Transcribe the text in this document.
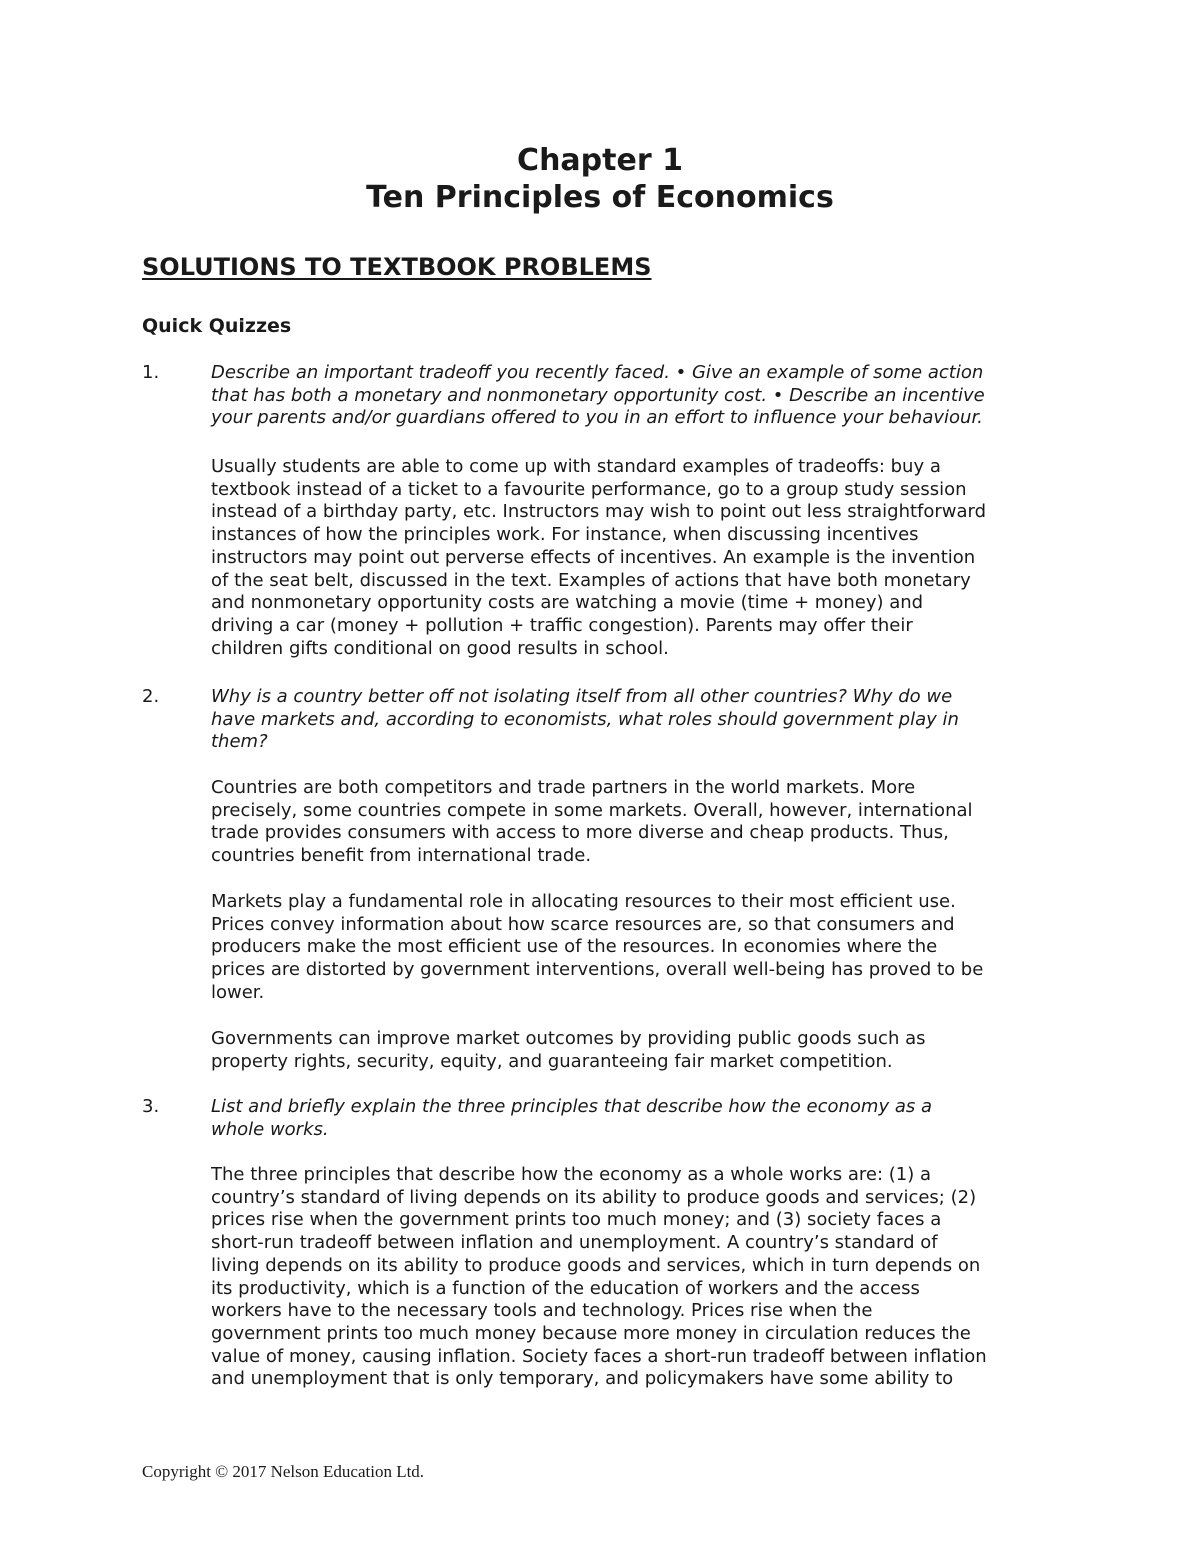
Chapter 1
Ten Principles of Economics
SOLUTIONS TO TEXTBOOK PROBLEMS
Quick Quizzes

1.	Describe an important tradeoff you recently faced. • Give an example of some action
that has both a monetary and nonmonetary opportunity cost. • Describe an incentive
your parents and/or guardians offered to you in an effort to influence your behaviour.

Usually students are able to come up with standard examples of tradeoffs: buy a
textbook instead of a ticket to a favourite performance, go to a group study session
instead of a birthday party, etc. Instructors may wish to point out less straightforward
instances of how the principles work. For instance, when discussing incentives
instructors may point out perverse effects of incentives. An example is the invention
of the seat belt, discussed in the text. Examples of actions that have both monetary
and nonmonetary opportunity costs are watching a movie (time + money) and
driving a car (money + pollution + traffic congestion). Parents may offer their
children gifts conditional on good results in school.

2.	Why is a country better off not isolating itself from all other countries? Why do we
have markets and, according to economists, what roles should government play in
them?

Countries are both competitors and trade partners in the world markets. More
precisely, some countries compete in some markets. Overall, however, international
trade provides consumers with access to more diverse and cheap products. Thus,
countries benefit from international trade.

Markets play a fundamental role in allocating resources to their most efficient use.
Prices convey information about how scarce resources are, so that consumers and
producers make the most efficient use of the resources. In economies where the
prices are distorted by government interventions, overall well-being has proved to be
lower.

Governments can improve market outcomes by providing public goods such as
property rights, security, equity, and guaranteeing fair market competition.

3.	List and briefly explain the three principles that describe how the economy as a
whole works.

The three principles that describe how the economy as a whole works are: (1) a
country’s standard of living depends on its ability to produce goods and services; (2)
prices rise when the government prints too much money; and (3) society faces a
short-run tradeoff between inflation and unemployment. A country’s standard of
living depends on its ability to produce goods and services, which in turn depends on
its productivity, which is a function of the education of workers and the access
workers have to the necessary tools and technology. Prices rise when the
government prints too much money because more money in circulation reduces the
value of money, causing inflation. Society faces a short-run tradeoff between inflation
and unemployment that is only temporary, and policymakers have some ability to

Copyright © 2017 Nelson Education Ltd.
